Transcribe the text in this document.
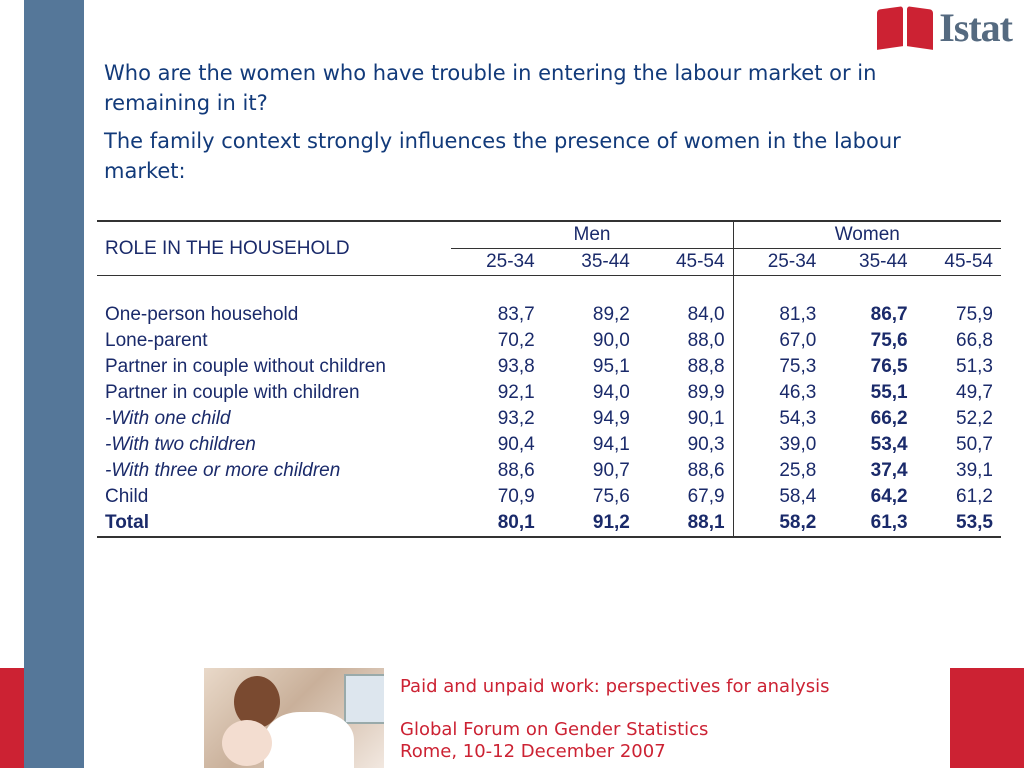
Istat

Who are the women who have trouble in entering the labour market or in remaining in it?

The family context strongly influences the presence of women in the labour market:

ROLE IN THE HOUSEHOLD	Men			Women		
	25-34	35-44	45-54	25-34	35-44	45-54

One-person household	83,7	89,2	84,0	81,3	86,7	75,9
Lone-parent	70,2	90,0	88,0	67,0	75,6	66,8
Partner in couple without children	93,8	95,1	88,8	75,3	76,5	51,3
Partner in couple with children	92,1	94,0	89,9	46,3	55,1	49,7
-With one child	93,2	94,9	90,1	54,3	66,2	52,2
-With two children	90,4	94,1	90,3	39,0	53,4	50,7
-With three or more children	88,6	90,7	88,6	25,8	37,4	39,1
Child	70,9	75,6	67,9	58,4	64,2	61,2
Total	80,1	91,2	88,1	58,2	61,3	53,5
Paid and unpaid work: perspectives for analysis
Global Forum on Gender Statistics
Rome, 10-12 December 2007
